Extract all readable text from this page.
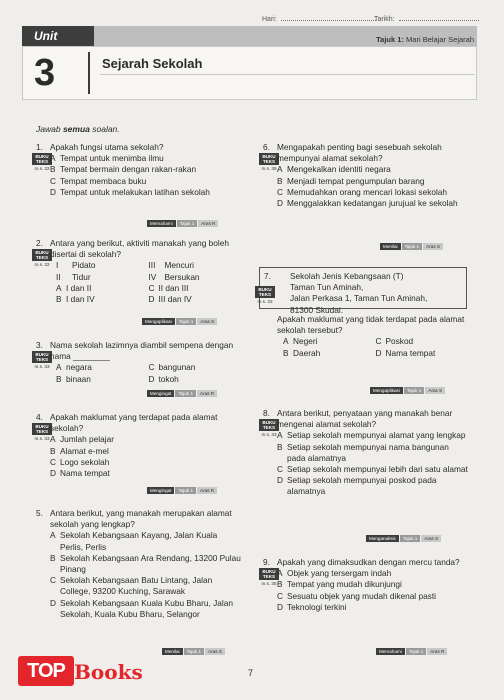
Hari:	Tarikh:
Unit	Tajuk 1: Mari Belajar Sejarah
3	Sejarah Sekolah
Jawab semua soalan.
BUKU
TEKS
m.s. 32
1. Apakah fungsi utama sekolah?
A Tempat untuk menimba ilmu
B Tempat bermain dengan rakan-rakan
C Tempat membaca buku
D Tempat untuk melakukan latihan sekolah
Memahami	Tajuk 1	Aras R
BUKU
TEKS
m.s. 32
2. Antara yang berikut, aktiviti manakah yang boleh disertai di sekolah?
I Pidato	III Mencuri
II Tidur	IV Bersukan
A I dan II	C II dan III
B I dan IV	D III dan IV
Mengaplikasi	Tajuk 1	Aras S
BUKU
TEKS
m.s. 33
3. Nama sekolah lazimnya diambil sempena dengan nama ________
A negara	C bangunan
B binaan	D tokoh
Mengingat	Tajuk 1	Aras R
BUKU
TEKS
m.s. 33
4. Apakah maklumat yang terdapat pada alamat sekolah?
A Jumlah pelajar
B Alamat e-mel
C Logo sekolah
D Nama tempat
Mengingat	Tajuk 1	Aras R
5. Antara berikut, yang manakah merupakan alamat sekolah yang lengkap?
A Sekolah Kebangsaan Kayang, Jalan Kuala Perlis, Perlis
B Sekolah Kebangsaan Ara Rendang, 13200 Pulau Pinang
C Sekolah Kebangsaan Batu Lintang, Jalan College, 93200 Kuching, Sarawak
D Sekolah Kebangsaan Kuala Kubu Bharu, Jalan Sekolah, Kuala Kubu Bharu, Selangor
Menilai	Tajuk 1	Aras S
BUKU
TEKS
m.s. 35
6. Mengapakah penting bagi sesebuah sekolah mempunyai alamat sekolah?
A Mengekalkan identiti negara
B Menjadi tempat pengumpulan barang
C Memudahkan orang mencari lokasi sekolah
D Menggalakkan kedatangan jurujual ke sekolah
Menilai	Tajuk 1	Aras S
7. Sekolah Jenis Kebangsaan (T)
Taman Tun Aminah,
Jalan Perkasa 1, Taman Tun Aminah,
81300 Skudai.
BUKU
TEKS
m.s. 33
Apakah maklumat yang tidak terdapat pada alamat sekolah tersebut?
A Negeri	C Poskod
B Daerah	D Nama tempat
Mengaplikasi	Tajuk 1	Aras S
BUKU
TEKS
m.s. 33
8. Antara berikut, penyataan yang manakah benar mengenai alamat sekolah?
A Setiap sekolah mempunyai alamat yang lengkap
B Setiap sekolah mempunyai nama bangunan pada alamatnya
C Setiap sekolah mempunyai lebih dari satu alamat
D Setiap sekolah mempunyai poskod pada alamatnya
Menganalisis	Tajuk 1	Aras S
BUKU
TEKS
m.s. 35
9. Apakah yang dimaksudkan dengan mercu tanda?
A Objek yang tersergam indah
B Tempat yang mudah dikunjungi
C Sesuatu objek yang mudah dikenal pasti
D Teknologi terkini
Memahami	Tajuk 1	Aras R
7
TOP Books
